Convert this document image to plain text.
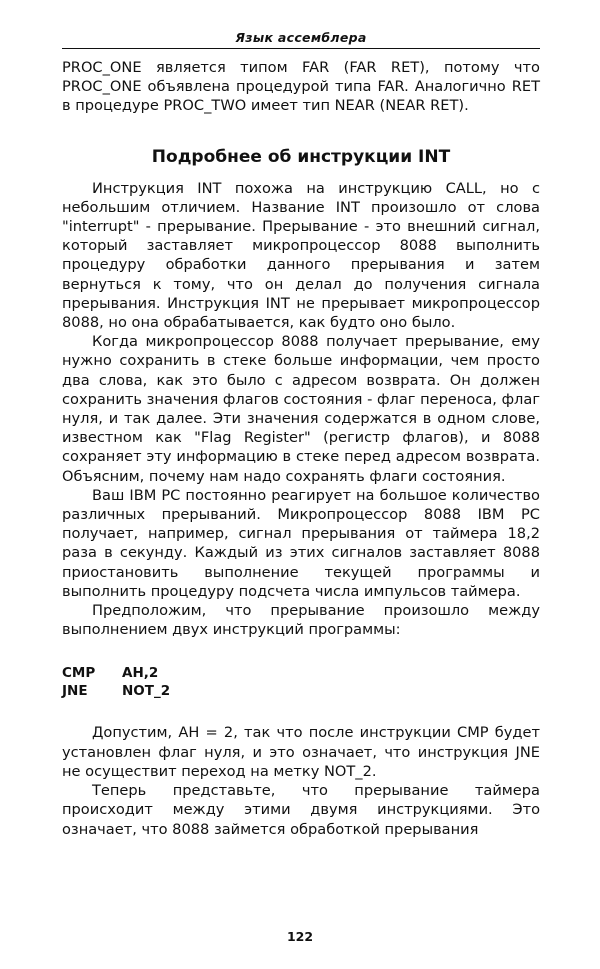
Язык ассемблера

PROC_ONE является типом FAR (FAR RET), потому что PROC_ONE объявлена процедурой типа FAR. Аналогично RET в процедуре PROC_TWO имеет тип NEAR (NEAR RET).

Подробнее об инструкции INT

Инструкция INT похожа на инструкцию CALL, но с небольшим отличием. Название INT произошло от слова "interrupt" - прерывание. Прерывание - это внешний сигнал, который заставляет микропроцессор 8088 выполнить процедуру обработки данного прерывания и затем вернуться к тому, что он делал до получения сигнала прерывания. Инструкция INT не прерывает микропроцессор 8088, но она обрабатывается, как будто оно было.

Когда микропроцессор 8088 получает прерывание, ему нужно сохранить в стеке больше информации, чем просто два слова, как это было с адресом возврата. Он должен сохранить значения флагов состояния - флаг переноса, флаг нуля, и так далее. Эти значения содержатся в одном слове, известном как "Flag Register" (регистр флагов), и 8088 сохраняет эту информацию в стеке перед адресом возврата. Объясним, почему нам надо сохранять флаги состояния.

Ваш IBM PC постоянно реагирует на большое количество различных прерываний. Микропроцессор 8088 IBM PC получает, например, сигнал прерывания от таймера 18,2 раза в секунду. Каждый из этих сигналов заставляет 8088 приостановить выполнение текущей программы и выполнить процедуру подсчета числа импульсов таймера.

Предположим, что прерывание произошло между выполнением двух инструкций программы:

CMP	AH,2
JNE	NOT_2

Допустим, AH = 2, так что после инструкции CMP будет установлен флаг нуля, и это означает, что инструкция JNE не осуществит переход на метку NOT_2.

Теперь представьте, что прерывание таймера происходит между этими двумя инструкциями. Это означает, что 8088 займется обработкой прерывания

122
